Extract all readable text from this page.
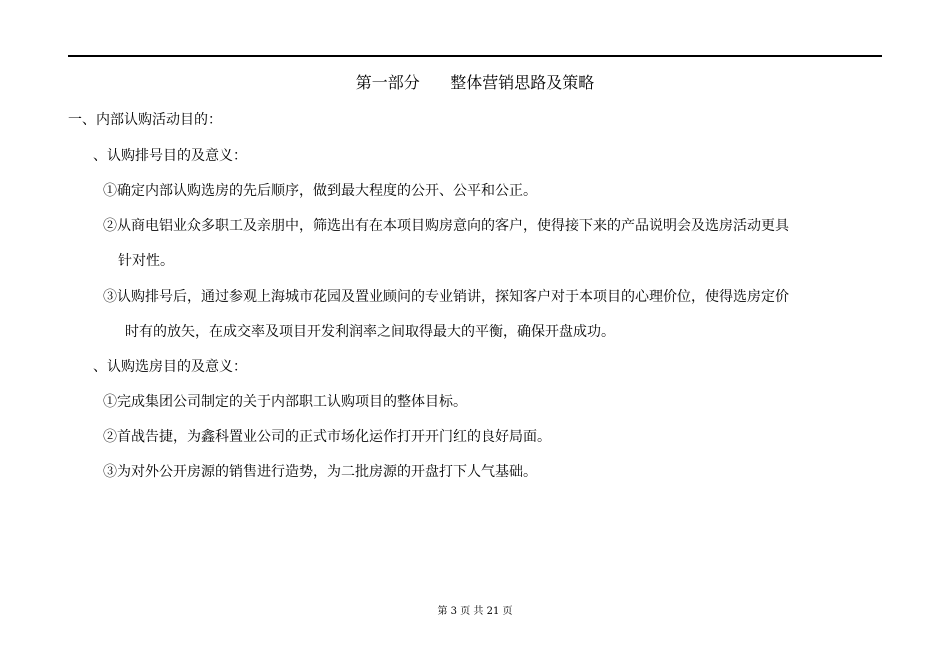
第一部分      整体营销思路及策略
一、内部认购活动目的：
、认购排号目的及意义：
①确定内部认购选房的先后顺序，做到最大程度的公开、公平和公正。
②从商电铝业众多职工及亲朋中，筛选出有在本项目购房意向的客户，使得接下来的产品说明会及选房活动更具
针对性。
③认购排号后，通过参观上海城市花园及置业顾问的专业销讲，探知客户对于本项目的心理价位，使得选房定价
时有的放矢，在成交率及项目开发利润率之间取得最大的平衡，确保开盘成功。
、认购选房目的及意义：
①完成集团公司制定的关于内部职工认购项目的整体目标。
②首战告捷，为鑫科置业公司的正式市场化运作打开开门红的良好局面。
③为对外公开房源的销售进行造势，为二批房源的开盘打下人气基础。
第 3 页 共 21 页
